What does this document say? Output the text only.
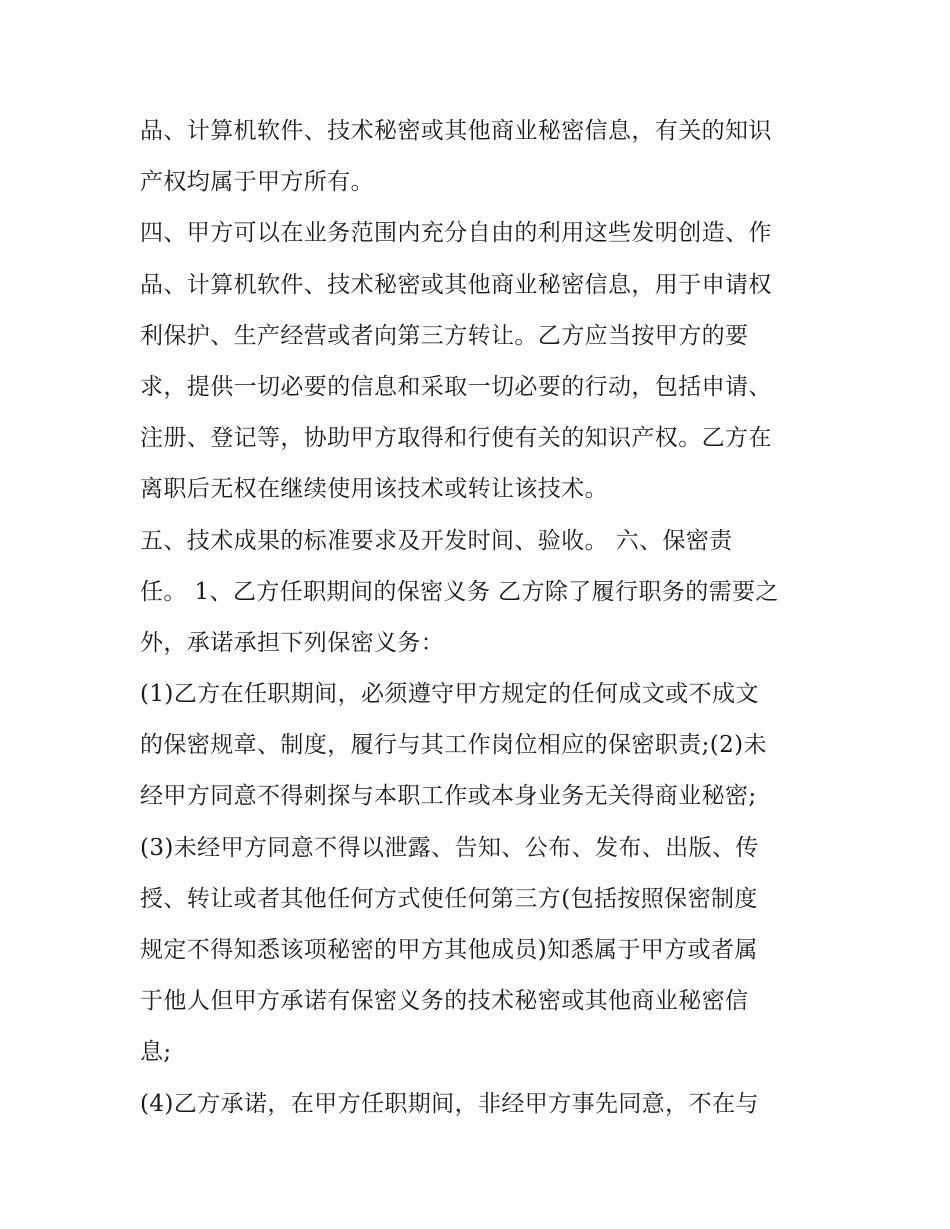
品、计算机软件、技术秘密或其他商业秘密信息，有关的知识
产权均属于甲方所有。
四、甲方可以在业务范围内充分自由的利用这些发明创造、作
品、计算机软件、技术秘密或其他商业秘密信息，用于申请权
利保护、生产经营或者向第三方转让。乙方应当按甲方的要
求，提供一切必要的信息和采取一切必要的行动，包括申请、
注册、登记等，协助甲方取得和行使有关的知识产权。乙方在
离职后无权在继续使用该技术或转让该技术。
五、技术成果的标准要求及开发时间、验收。 六、保密责
任。 1、乙方任职期间的保密义务 乙方除了履行职务的需要之
外，承诺承担下列保密义务：
(1)乙方在任职期间，必须遵守甲方规定的任何成文或不成文
的保密规章、制度，履行与其工作岗位相应的保密职责;(2)未
经甲方同意不得刺探与本职工作或本身业务无关得商业秘密;
(3)未经甲方同意不得以泄露、告知、公布、发布、出版、传
授、转让或者其他任何方式使任何第三方(包括按照保密制度
规定不得知悉该项秘密的甲方其他成员)知悉属于甲方或者属
于他人但甲方承诺有保密义务的技术秘密或其他商业秘密信
息;
(4)乙方承诺，在甲方任职期间，非经甲方事先同意，不在与
